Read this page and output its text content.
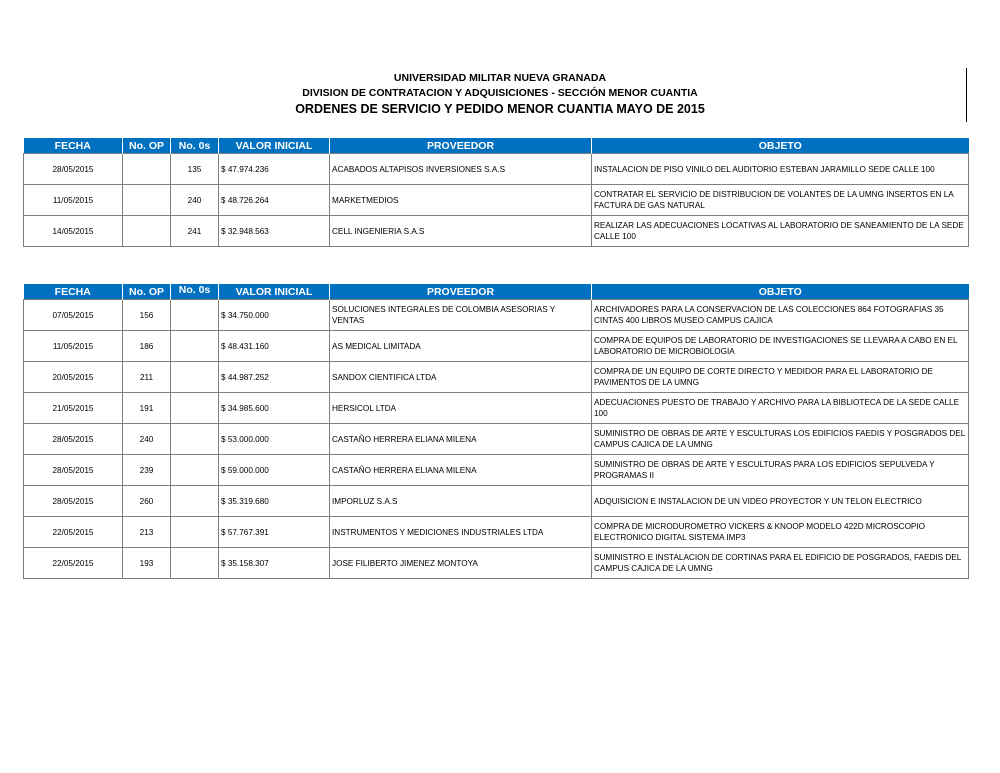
UNIVERSIDAD MILITAR NUEVA GRANADA
DIVISION DE CONTRATACION Y ADQUISICIONES - SECCIÓN MENOR CUANTIA
ORDENES DE SERVICIO Y PEDIDO MENOR CUANTIA MAYO DE 2015
FECHA	No. OP	No. 0s	VALOR INICIAL	PROVEEDOR	OBJETO
28/05/2015		135	$ 47.974.236	ACABADOS ALTAPISOS INVERSIONES S.A.S	INSTALACION DE PISO VINILO DEL AUDITORIO ESTEBAN JARAMILLO SEDE CALLE 100
11/05/2015		240	$ 48.726.264	MARKETMEDIOS	CONTRATAR EL SERVICIO DE DISTRIBUCION DE VOLANTES DE LA UMNG INSERTOS EN LA FACTURA DE GAS NATURAL
14/05/2015		241	$ 32.948.563	CELL INGENIERIA S.A.S	REALIZAR LAS ADECUACIONES LOCATIVAS AL LABORATORIO DE SANEAMIENTO DE LA SEDE CALLE 100
FECHA	No. OP	No. 0s	VALOR INICIAL	PROVEEDOR	OBJETO
07/05/2015	156		$ 34.750.000	SOLUCIONES INTEGRALES DE COLOMBIA ASESORIAS Y VENTAS	ARCHIVADORES PARA LA CONSERVACION DE LAS COLECCIONES 864 FOTOGRAFIAS 35 CINTAS 400 LIBROS MUSEO CAMPUS CAJICA
11/05/2015	186		$ 48.431.160	AS MEDICAL LIMITADA	COMPRA DE EQUIPOS DE LABORATORIO DE INVESTIGACIONES SE LLEVARA A CABO EN EL LABORATORIO DE MICROBIOLOGIA
20/05/2015	211		$ 44.987.252	SANDOX CIENTIFICA LTDA	COMPRA DE UN EQUIPO DE CORTE DIRECTO Y MEDIDOR PARA EL LABORATORIO DE PAVIMENTOS DE LA UMNG
21/05/2015	191		$ 34.985.600	HERSICOL LTDA	ADECUACIONES PUESTO DE TRABAJO Y ARCHIVO PARA LA BIBLIOTECA DE LA SEDE CALLE 100
28/05/2015	240		$ 53.000.000	CASTAÑO HERRERA ELIANA MILENA	SUMINISTRO DE OBRAS DE ARTE Y ESCULTURAS LOS EDIFICIOS FAEDIS Y POSGRADOS DEL CAMPUS CAJICA DE LA UMNG
28/05/2015	239		$ 59.000.000	CASTAÑO HERRERA ELIANA MILENA	SUMINISTRO DE OBRAS DE ARTE Y ESCULTURAS PARA LOS EDIFICIOS SEPULVEDA Y PROGRAMAS II
28/05/2015	260		$ 35.319.680	IMPORLUZ S.A.S	ADQUISICION E INSTALACION DE UN VIDEO PROYECTOR Y UN TELON ELECTRICO
22/05/2015	213		$ 57.767.391	INSTRUMENTOS Y MEDICIONES INDUSTRIALES LTDA	COMPRA DE MICRODUROMETRO VICKERS & KNOOP MODELO 422D MICROSCOPIO ELECTRONICO DIGITAL SISTEMA IMP3
22/05/2015	193		$ 35.158.307	JOSE FILIBERTO JIMENEZ MONTOYA	SUMINISTRO E INSTALACION DE CORTINAS PARA EL EDIFICIO DE POSGRADOS, FAEDIS DEL CAMPUS CAJICA DE LA UMNG
